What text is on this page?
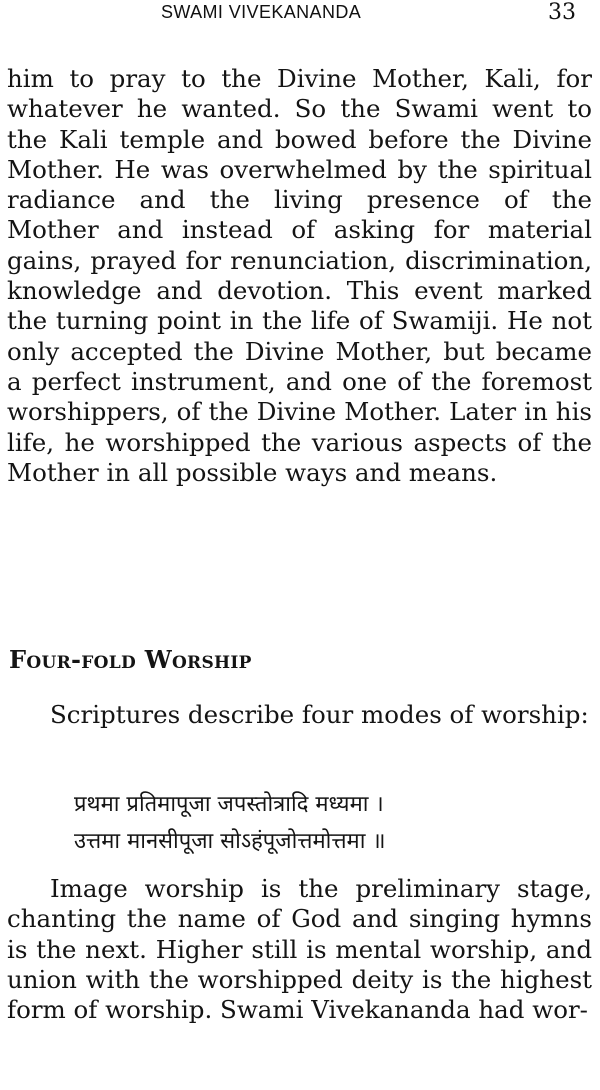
SWAMI VIVEKANANDA	33

him to pray to the Divine Mother, Kali, for whatever he wanted. So the Swami went to the Kali temple and bowed before the Divine Mother. He was overwhelmed by the spiritual radiance and the living presence of the Mother and instead of asking for material gains, prayed for renunciation, discrimination, knowledge and devotion. This event marked the turning point in the life of Swamiji. He not only accepted the Divine Mother, but became a perfect instrument, and one of the foremost worshippers, of the Divine Mother. Later in his life, he worshipped the various aspects of the Mother in all possible ways and means.

Four-fold Worship

Scriptures describe four modes of worship:

प्रथमा प्रतिमापूजा जपस्तोत्रादि मध्यमा ।
उत्तमा मानसीपूजा सोऽहंपूजोत्तमोत्तमा ॥

Image worship is the preliminary stage, chanting the name of God and singing hymns is the next. Higher still is mental worship, and union with the worshipped deity is the highest form of worship. Swami Vivekananda had wor-
